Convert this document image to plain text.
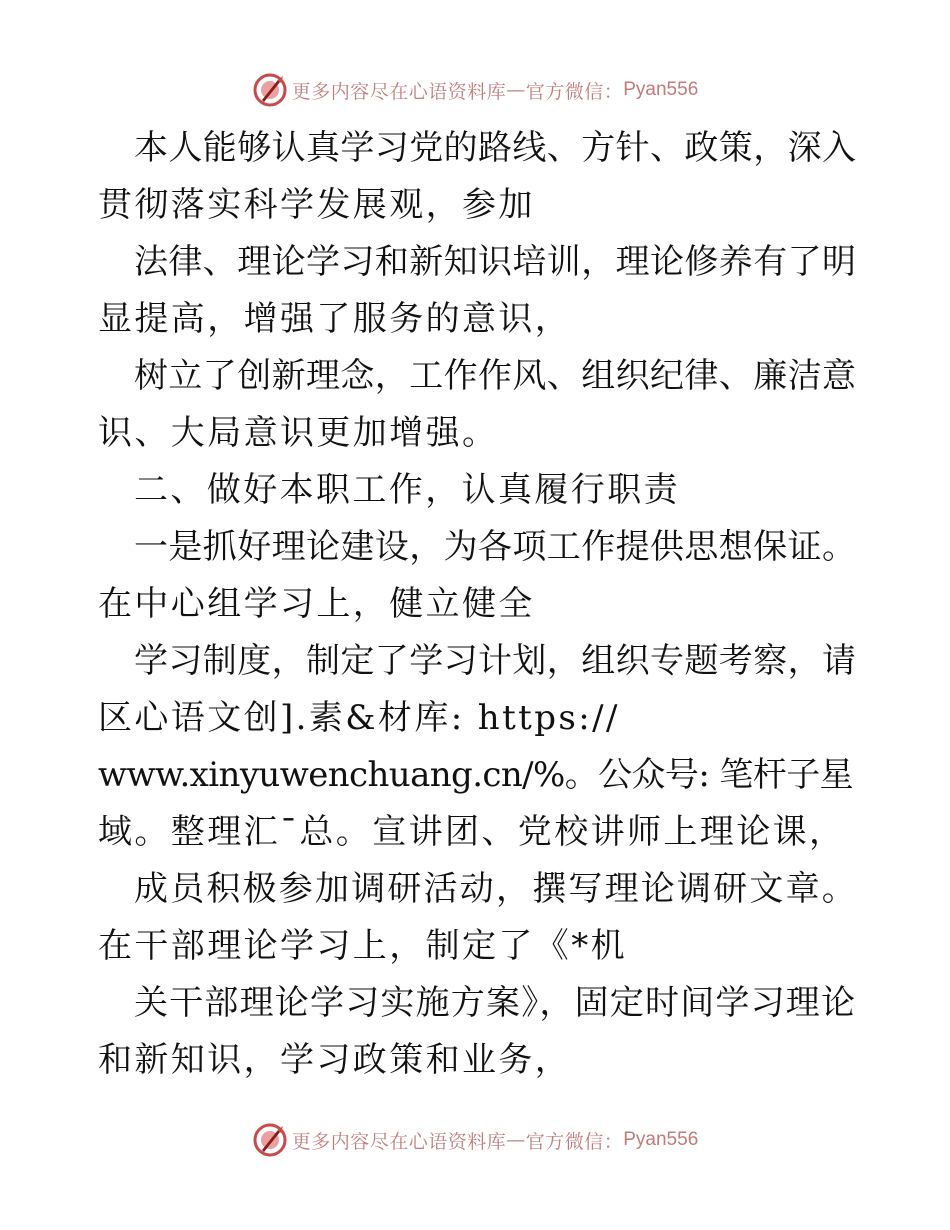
更多内容尽在心语资料库 — 官方微信： Pyan556
本人能够认真学习党的路线、方针、政策，深入
贯彻落实科学发展观，参加
法律、理论学习和新知识培训，理论修养有了明
显提高，增强了服务的意识，
树立了创新理念，工作作风、组织纪律、廉洁意
识、大局意识更加增强。
二、做好本职工作，认真履行职责
一是抓好理论建设，为各项工作提供思想保证。
在中心组学习上，健立健全
学习制度，制定了学习计划，组织专题考察，请
区心语文创].素&材库: https://
www.xinyuwenchuang.cn/%。公众号: 笔杆子星
域。整理汇¯总。宣讲团、党校讲师上理论课，
成员积极参加调研活动，撰写理论调研文章。
在干部理论学习上，制定了《*机
关干部理论学习实施方案》，固定时间学习理论
和新知识，学习政策和业务，
更多内容尽在心语资料库 — 官方微信： Pyan556
